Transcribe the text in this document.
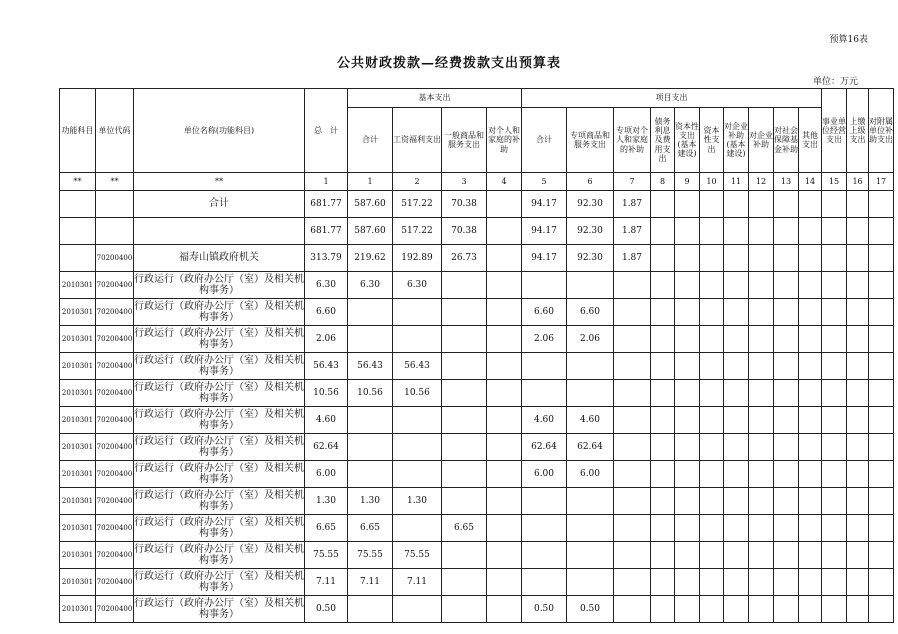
预算16表
公共财政拨款—经费拨款支出预算表
单位：万元
功能科目	单位代码	单位名称(功能科目)	总　计	基本支出				项目支出										事业单位经营支出	上缴上级支出	对附属单位补助支出
				合计	工资福利支出	一般商品和服务支出	对个人和家庭的补助	合计	专项商品和服务支出	专项对个人和家庭的补助	债务利息及费用支出	资本性支出(基本建设)	资本性支出	对企业补助(基本建设)	对企业补助	对社会保障基金补助	其他支出			
**	**	**	1	1	2	3	4	5	6	7	8	9	10	11	12	13	14	15	16	17
		合计	681.77	587.60	517.22	70.38		94.17	92.30	1.87										
			681.77	587.60	517.22	70.38		94.17	92.30	1.87										
	70200400	福寿山镇政府机关	313.79	219.62	192.89	26.73		94.17	92.30	1.87										
2010301	70200400	行政运行（政府办公厅（室）及相关机构事务）	6.30	6.30	6.30															
2010301	70200400	行政运行（政府办公厅（室）及相关机构事务）	6.60					6.60	6.60											
2010301	70200400	行政运行（政府办公厅（室）及相关机构事务）	2.06					2.06	2.06											
2010301	70200400	行政运行（政府办公厅（室）及相关机构事务）	56.43	56.43	56.43															
2010301	70200400	行政运行（政府办公厅（室）及相关机构事务）	10.56	10.56	10.56															
2010301	70200400	行政运行（政府办公厅（室）及相关机构事务）	4.60					4.60	4.60											
2010301	70200400	行政运行（政府办公厅（室）及相关机构事务）	62.64					62.64	62.64											
2010301	70200400	行政运行（政府办公厅（室）及相关机构事务）	6.00					6.00	6.00											
2010301	70200400	行政运行（政府办公厅（室）及相关机构事务）	1.30	1.30	1.30															
2010301	70200400	行政运行（政府办公厅（室）及相关机构事务）	6.65	6.65		6.65														
2010301	70200400	行政运行（政府办公厅（室）及相关机构事务）	75.55	75.55	75.55															
2010301	70200400	行政运行（政府办公厅（室）及相关机构事务）	7.11	7.11	7.11															
2010301	70200400	行政运行（政府办公厅（室）及相关机构事务）	0.50					0.50	0.50											
